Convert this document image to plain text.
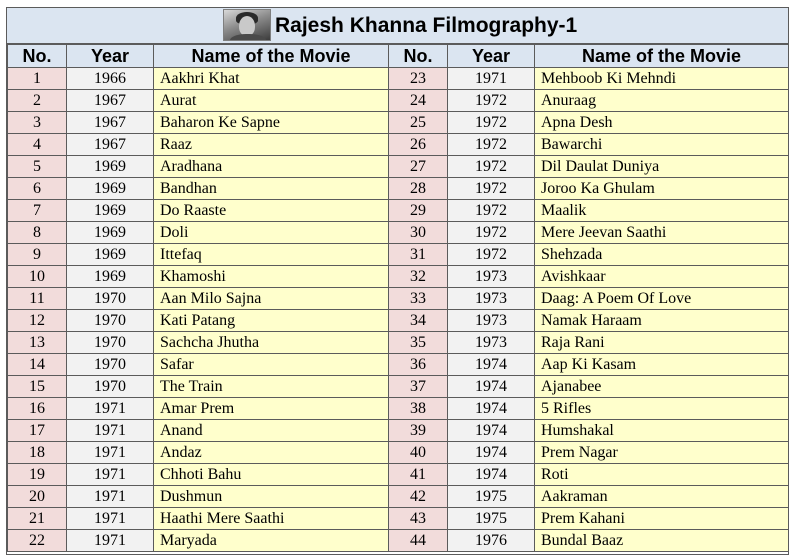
Rajesh Khanna Filmography-1
No.	Year	Name of the Movie	No.	Year	Name of the Movie
1	1966	Aakhri Khat	23	1971	Mehboob Ki Mehndi
2	1967	Aurat	24	1972	Anuraag
3	1967	Baharon Ke Sapne	25	1972	Apna Desh
4	1967	Raaz	26	1972	Bawarchi
5	1969	Aradhana	27	1972	Dil Daulat Duniya
6	1969	Bandhan	28	1972	Joroo Ka Ghulam
7	1969	Do Raaste	29	1972	Maalik
8	1969	Doli	30	1972	Mere Jeevan Saathi
9	1969	Ittefaq	31	1972	Shehzada
10	1969	Khamoshi	32	1973	Avishkaar
11	1970	Aan Milo Sajna	33	1973	Daag: A Poem Of Love
12	1970	Kati Patang	34	1973	Namak Haraam
13	1970	Sachcha Jhutha	35	1973	Raja Rani
14	1970	Safar	36	1974	Aap Ki Kasam
15	1970	The Train	37	1974	Ajanabee
16	1971	Amar Prem	38	1974	5 Rifles
17	1971	Anand	39	1974	Humshakal
18	1971	Andaz	40	1974	Prem Nagar
19	1971	Chhoti Bahu	41	1974	Roti
20	1971	Dushmun	42	1975	Aakraman
21	1971	Haathi Mere Saathi	43	1975	Prem Kahani
22	1971	Maryada	44	1976	Bundal Baaz
